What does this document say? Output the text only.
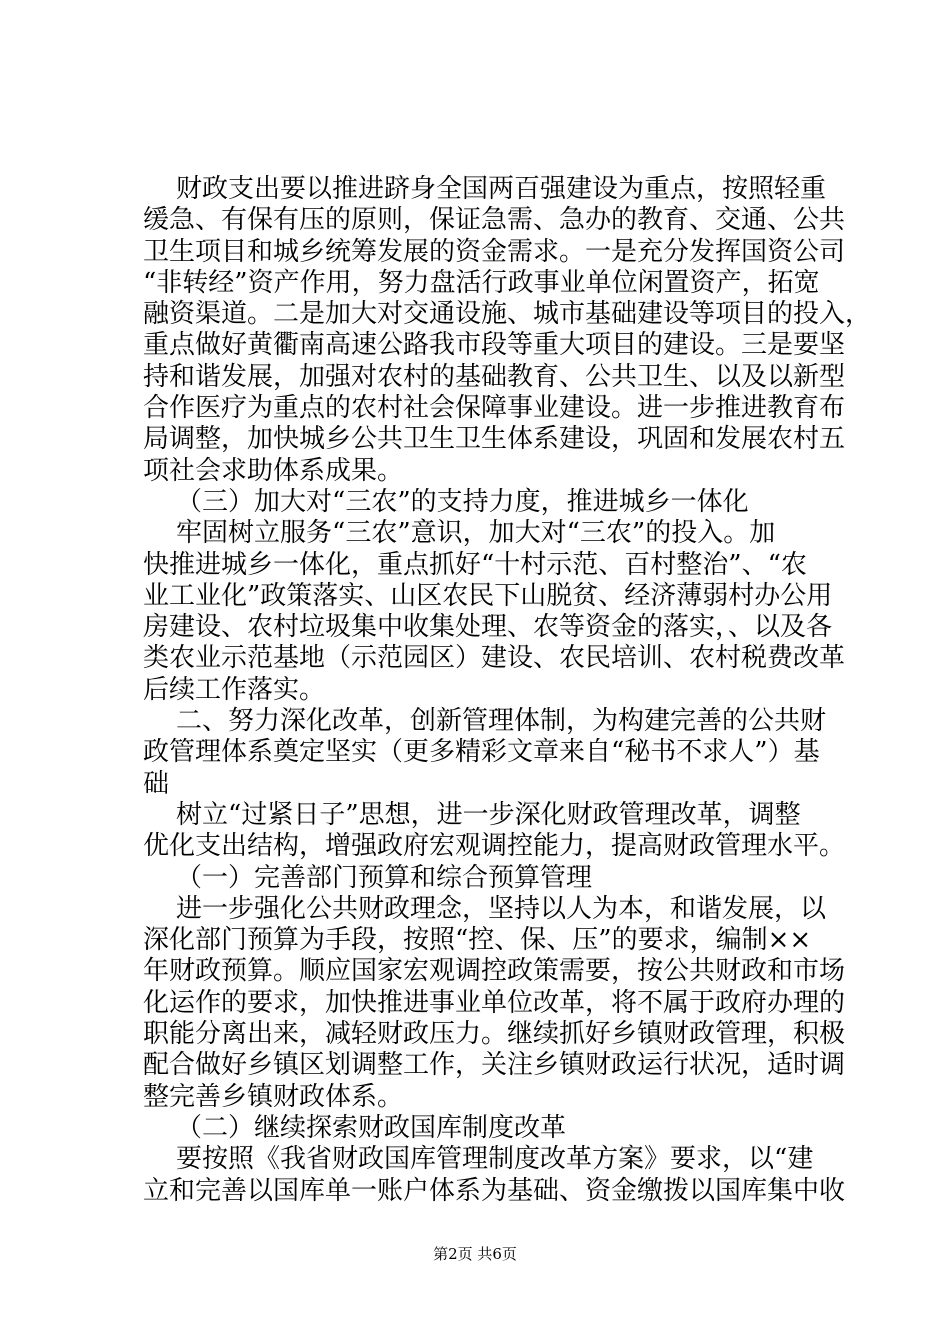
财政支出要以推进跻身全国两百强建设为重点，按照轻重
缓急、有保有压的原则，保证急需、急办的教育、交通、公共
卫生项目和城乡统筹发展的资金需求。一是充分发挥国资公司
“非转经”资产作用，努力盘活行政事业单位闲置资产，拓宽
融资渠道。二是加大对交通设施、城市基础建设等项目的投入，
重点做好黄衢南高速公路我市段等重大项目的建设。三是要坚
持和谐发展，加强对农村的基础教育、公共卫生、以及以新型
合作医疗为重点的农村社会保障事业建设。进一步推进教育布
局调整，加快城乡公共卫生卫生体系建设，巩固和发展农村五
项社会求助体系成果。
（三）加大对“三农”的支持力度，推进城乡一体化
牢固树立服务“三农”意识，加大对“三农”的投入。加
快推进城乡一体化，重点抓好“十村示范、百村整治”、“农
业工业化”政策落实、山区农民下山脱贫、经济薄弱村办公用
房建设、农村垃圾集中收集处理、农等资金的落实，、以及各
类农业示范基地（示范园区）建设、农民培训、农村税费改革
后续工作落实。
二、努力深化改革，创新管理体制，为构建完善的公共财
政管理体系奠定坚实（更多精彩文章来自“秘书不求人”）基
础
树立“过紧日子”思想，进一步深化财政管理改革，调整
优化支出结构，增强政府宏观调控能力，提高财政管理水平。
（一）完善部门预算和综合预算管理
进一步强化公共财政理念，坚持以人为本，和谐发展，以
深化部门预算为手段，按照“控、保、压”的要求，编制××
年财政预算。顺应国家宏观调控政策需要，按公共财政和市场
化运作的要求，加快推进事业单位改革，将不属于政府办理的
职能分离出来，减轻财政压力。继续抓好乡镇财政管理，积极
配合做好乡镇区划调整工作，关注乡镇财政运行状况，适时调
整完善乡镇财政体系。
（二）继续探索财政国库制度改革
要按照《我省财政国库管理制度改革方案》要求，以“建
立和完善以国库单一账户体系为基础、资金缴拨以国库集中收
第2页 共6页
